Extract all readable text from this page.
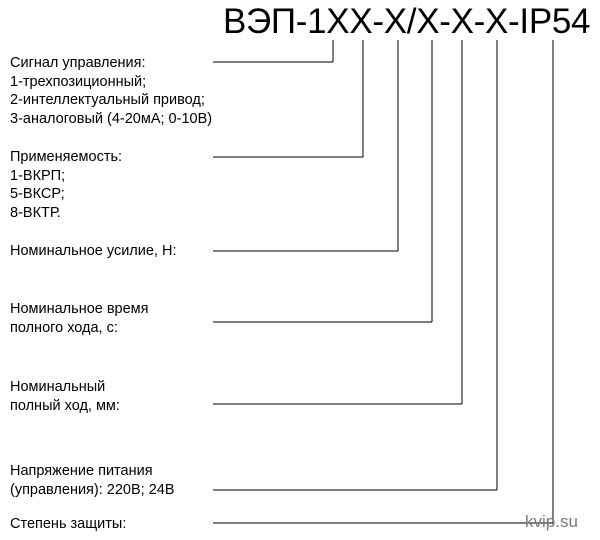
ВЭП-1XX-X/X-X-X-IP54
Сигнал управления:
1-трехпозиционный;
2-интеллектуальный привод;
3-аналоговый (4-20мА; 0-10В)
Применяемость:
1-ВКРП;
5-ВКСР;
8-ВКТР.
Номинальное усилие, Н:
Номинальное время
полного хода, с:
Номинальный
полный ход, мм:
Напряжение питания
(управления): 220В; 24В
Степень защиты:	kvip.su
